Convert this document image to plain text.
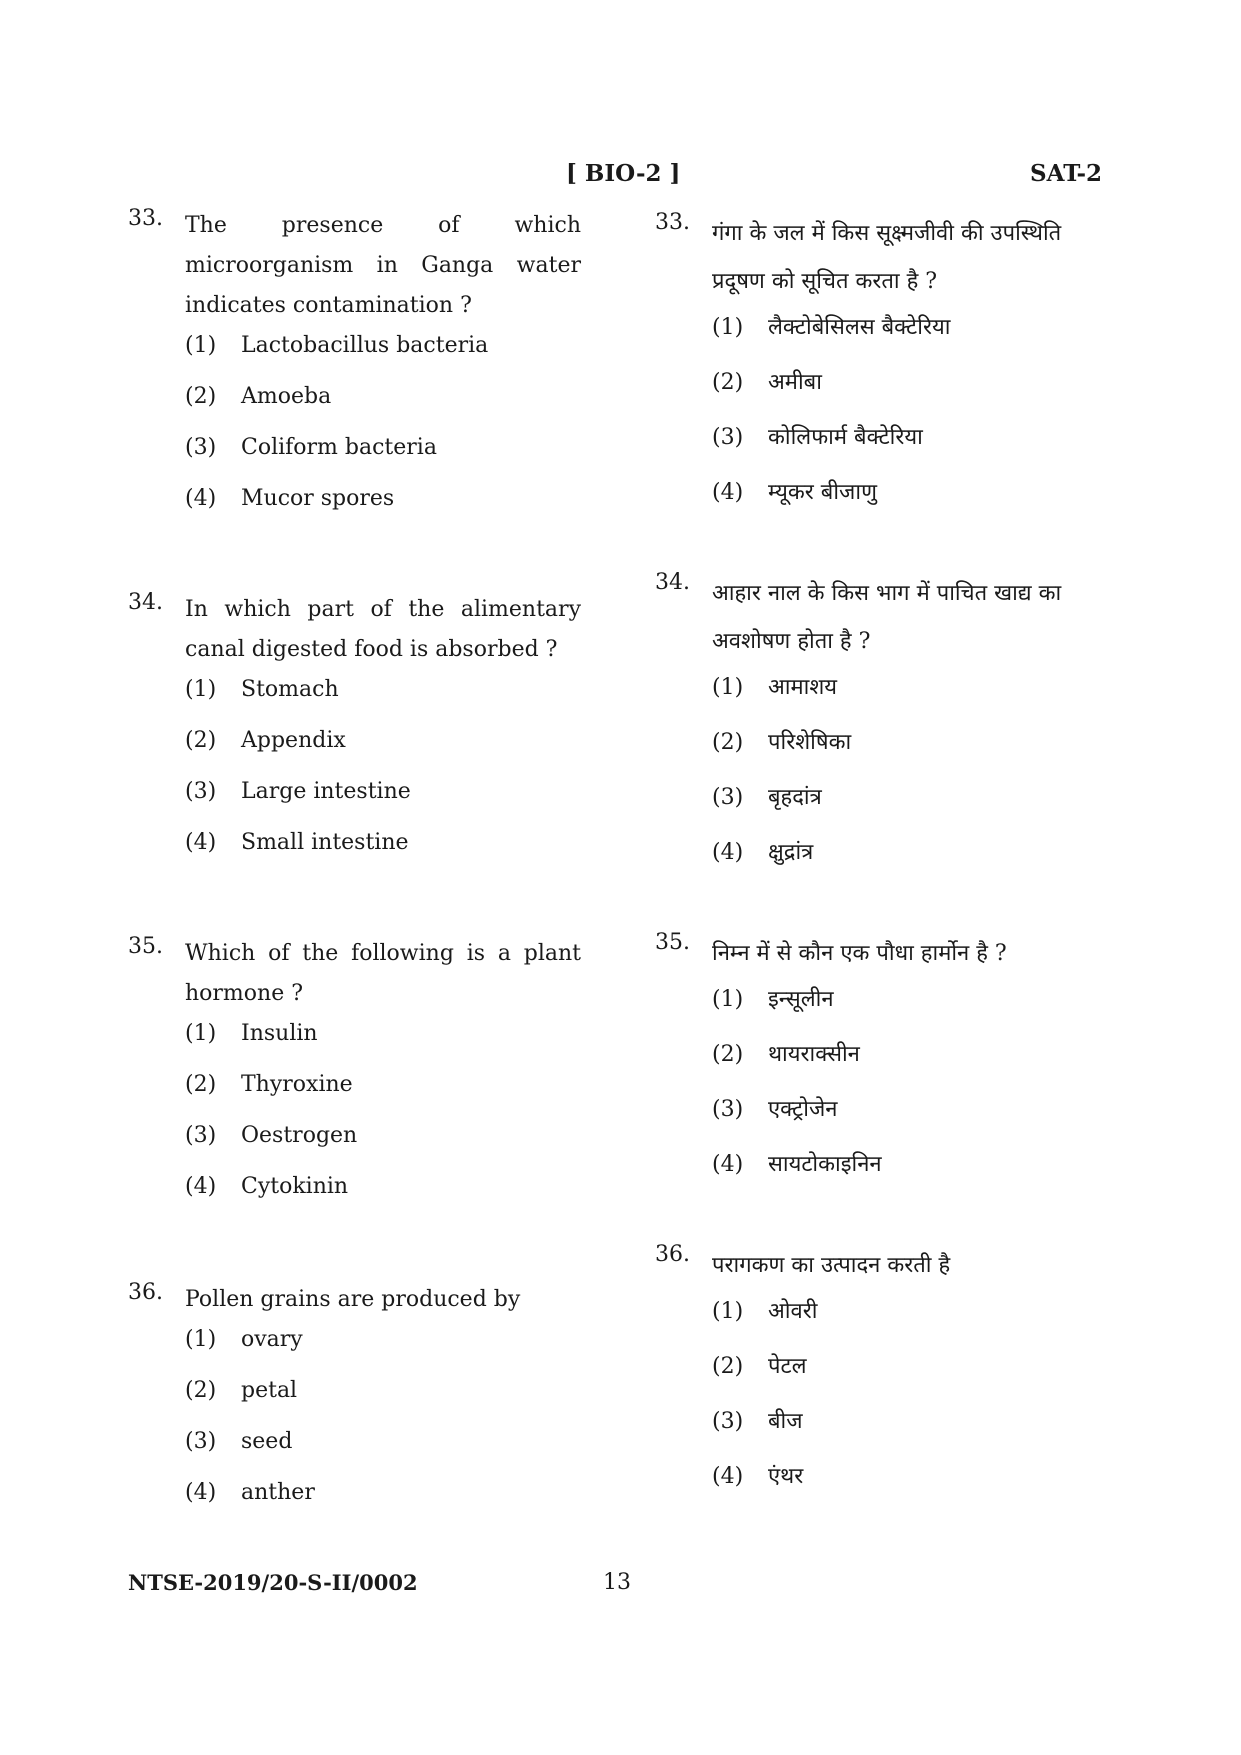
[ BIO-2 ]	SAT-2
33.	The presence of which microorganism in Ganga water indicates contamination ?
(1)	Lactobacillus bacteria
(2)	Amoeba
(3)	Coliform bacteria
(4)	Mucor spores
34.	In which part of the alimentary canal digested food is absorbed ?
(1)	Stomach
(2)	Appendix
(3)	Large intestine
(4)	Small intestine
35.	Which of the following is a plant hormone ?
(1)	Insulin
(2)	Thyroxine
(3)	Oestrogen
(4)	Cytokinin
36.	Pollen grains are produced by
(1)	ovary
(2)	petal
(3)	seed
(4)	anther
33.	गंगा के जल में किस सूक्ष्मजीवी की उपस्थिति प्रदूषण को सूचित करता है ?
(1)	लैक्टोबेसिलस बैक्टेरिया
(2)	अमीबा
(3)	कोलिफार्म बैक्टेरिया
(4)	म्यूकर बीजाणु
34.	आहार नाल के किस भाग में पाचित खाद्य का अवशोषण होता है ?
(1)	आमाशय
(2)	परिशेषिका
(3)	बृहदांत्र
(4)	क्षुद्रांत्र
35.	निम्न में से कौन एक पौधा हार्मोन है ?
(1)	इन्सूलीन
(2)	थायराक्सीन
(3)	एक्ट्रोजेन
(4)	सायटोकाइनिन
36.	परागकण का उत्पादन करती है
(1)	ओवरी
(2)	पेटल
(3)	बीज
(4)	एंथर
NTSE-2019/20-S-II/0002	13
